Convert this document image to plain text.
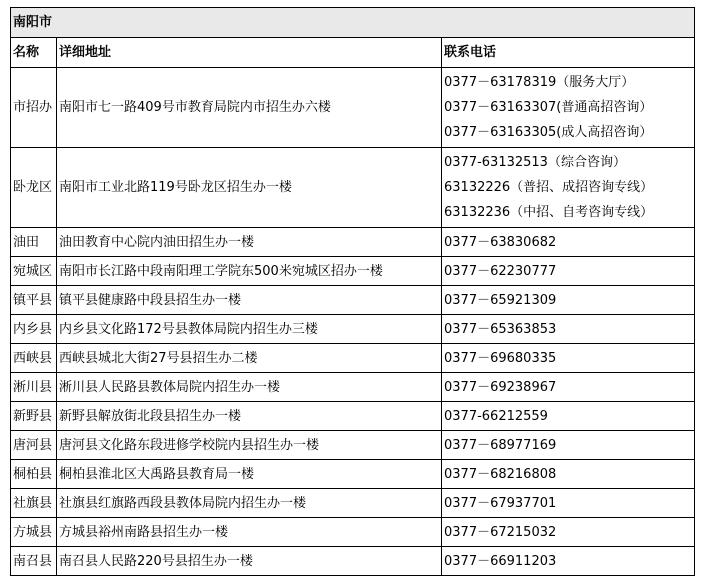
南阳市		
名称	详细地址	联系电话
市招办	南阳市七一路409号市教育局院内市招生办六楼	0377－63178319（服务大厅）
0377－63163307(普通高招咨询）
0377－63163305(成人高招咨询）

卧龙区	南阳市工业北路119号卧龙区招生办一楼	0377-63132513（综合咨询）
63132226（普招、成招咨询专线）
63132236（中招、自考咨询专线）

油田	油田教育中心院内油田招生办一楼	0377－63830682
宛城区	南阳市长江路中段南阳理工学院东500米宛城区招办一楼	0377－62230777
镇平县	镇平县健康路中段县招生办一楼	0377－65921309
内乡县	内乡县文化路172号县教体局院内招生办三楼	0377－65363853
西峡县	西峡县城北大街27号县招生办二楼	0377－69680335
淅川县	淅川县人民路县教体局院内招生办一楼	0377－69238967
新野县	新野县解放街北段县招生办一楼	0377-66212559
唐河县	唐河县文化路东段进修学校院内县招生办一楼	0377－68977169
桐柏县	桐柏县淮北区大禹路县教育局一楼	0377－68216808
社旗县	社旗县红旗路西段县教体局院内招生办一楼	0377－67937701
方城县	方城县裕州南路县招生办一楼	0377－67215032
南召县	南召县人民路220号县招生办一楼	0377－66911203
